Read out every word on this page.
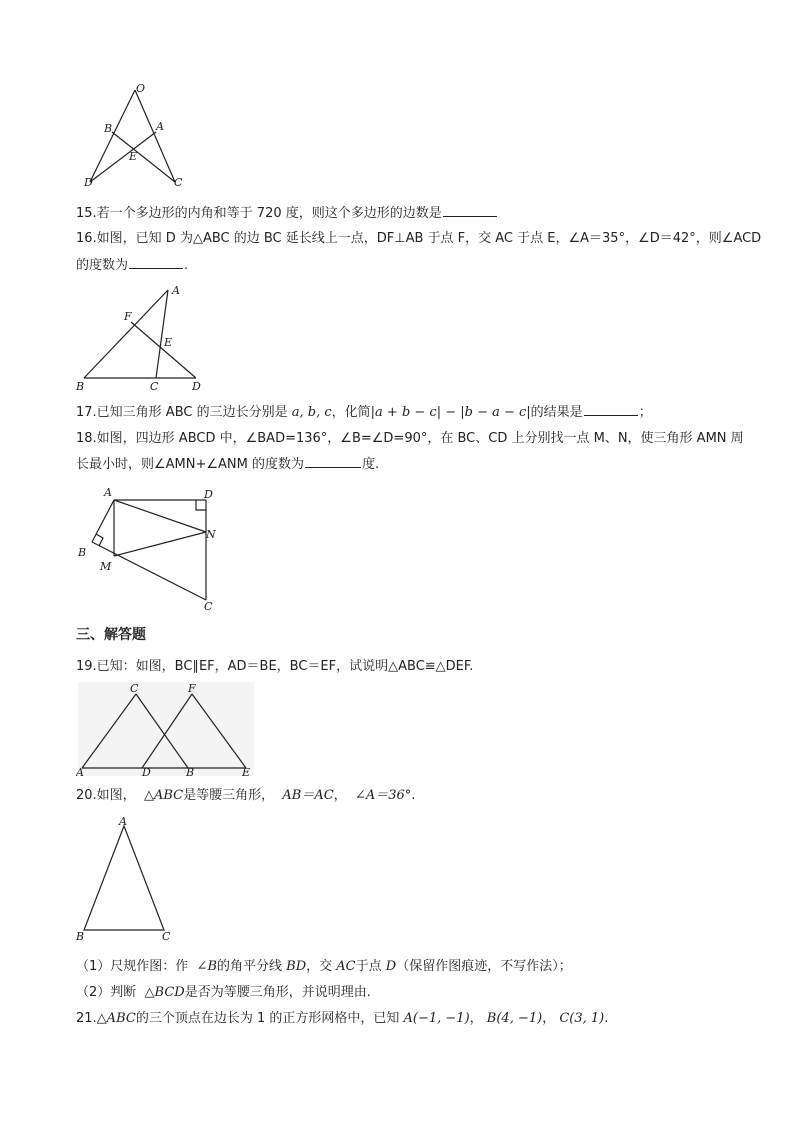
O
B	A
E
D	C
15.若一个多边形的内角和等于 720 度，则这个多边形的边数是
16.如图，已知 D 为△ABC 的边 BC 延长线上一点，DF⊥AB 于点 F，交 AC 于点 E，∠A＝35°，∠D＝42°，则∠ACD
的度数为	.
A
F
E
B	C	D
17.已知三角形 ABC 的三边长分别是 a, b, c，化简|a + b − c| − |b − a − c|的结果是	；
18.如图，四边形 ABCD 中，∠BAD=136°，∠B=∠D=90°，在 BC、CD 上分别找一点 M、N，使三角形 AMN 周
长最小时，则∠AMN+∠ANM 的度数为	度.
A	D
N
B
M
C
三、解答题
19.已知：如图，BC∥EF，AD＝BE，BC＝EF，试说明△ABC≌△DEF.
C	F
A	D	B	E
20.如图， △ABC是等腰三角形， AB＝AC， ∠A＝36°.
A
B	C
（1）尺规作图：作  ∠B的角平分线 BD，交 AC于点 D（保留作图痕迹，不写作法）；
（2）判断  △BCD是否为等腰三角形，并说明理由.
21.△ABC的三个顶点在边长为 1 的正方形网格中，已知 A(−1, −1)， B(4, −1)， C(3, 1).
